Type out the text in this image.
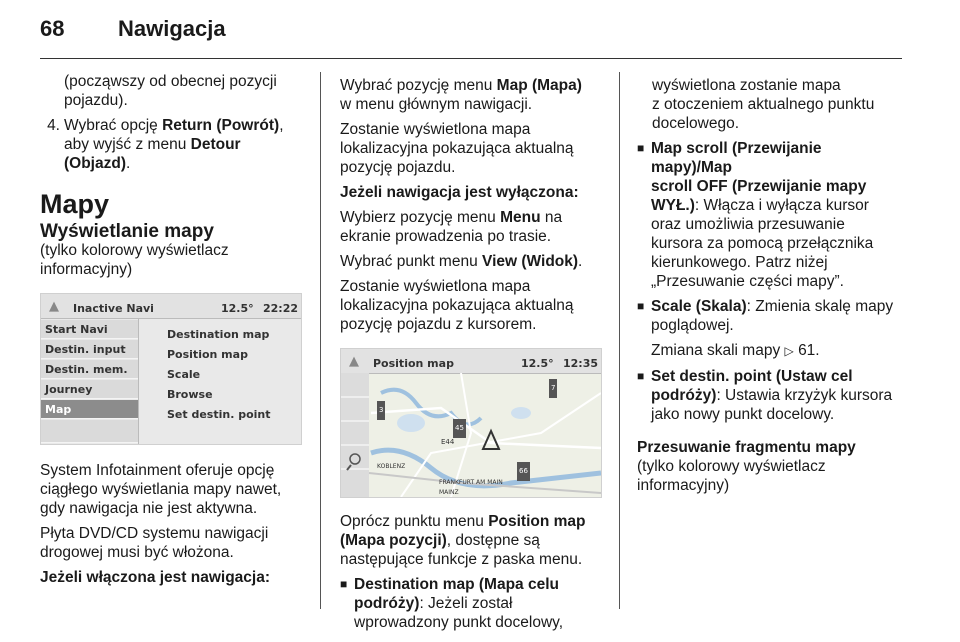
68 Nawigacja
(począwszy od obecnej pozycji
pojazdu).
4. Wybrać opcję Return (Powrót),
aby wyjść z menu Detour
(Objazd).
Mapy
Wyświetlanie mapy
(tylko kolorowy wyświetlacz
informacyjny)
▲ Inactive Navi	12.5° 22:22
Start Navi
Destin. input
Destin. mem.
Journey
Map
Destination map
Position map
Scale
Browse
Set destin. point
System Infotainment oferuje opcję
ciągłego wyświetlania mapy nawet,
gdy nawigacja nie jest aktywna.
Płyta DVD/CD systemu nawigacji
drogowej musi być włożona.
Jeżeli włączona jest nawigacja:
Wybrać pozycję menu Map (Mapa)
w menu głównym nawigacji.
Zostanie wyświetlona mapa
lokalizacyjna pokazująca aktualną
pozycję pojazdu.
Jeżeli nawigacja jest wyłączona:
Wybierz pozycję menu Menu na
ekranie prowadzenia po trasie.
Wybrać punkt menu View (Widok).
Zostanie wyświetlona mapa
lokalizacyjna pokazująca aktualną
pozycję pojazdu z kursorem.
▲ Position map	12.5° 12:35
KOBLENZ
FRANKFURT AM MAIN
MAINZ
E44
45
66
3
7
Oprócz punktu menu Position map
(Mapa pozycji), dostępne są
następujące funkcje z paska menu.
■ Destination map (Mapa celu
podróży): Jeżeli został
wprowadzony punkt docelowy,
wyświetlona zostanie mapa
z otoczeniem aktualnego punktu
docelowego.
■ Map scroll (Przewijanie mapy)/Map
scroll OFF (Przewijanie mapy
WYŁ.): Włącza i wyłącza kursor
oraz umożliwia przesuwanie
kursora za pomocą przełącznika
kierunkowego. Patrz niżej
„Przesuwanie części mapy”.
■ Scale (Skala): Zmienia skalę mapy
poglądowej.
Zmiana skali mapy ▷ 61.
■ Set destin. point (Ustaw cel
podróży): Ustawia krzyżyk kursora
jako nowy punkt docelowy.
Przesuwanie fragmentu mapy
(tylko kolorowy wyświetlacz
informacyjny)
